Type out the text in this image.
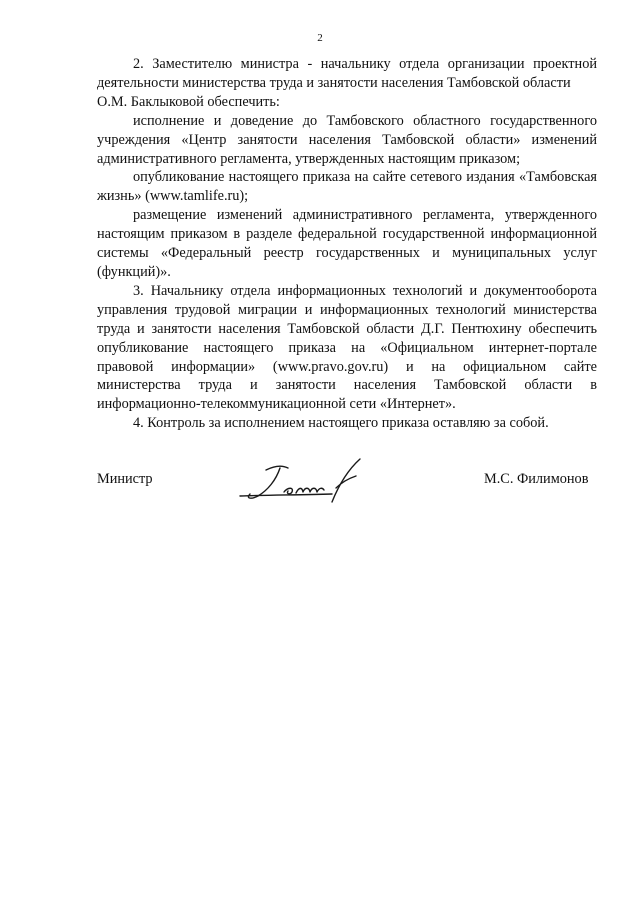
2

2. Заместителю министра - начальнику отдела организации проектной деятельности министерства труда и занятости населения Тамбовской области

О.М. Баклыковой обеспечить:

исполнение и доведение до Тамбовского областного государственного учреждения «Центр занятости населения Тамбовской области» изменений административного регламента, утвержденных настоящим приказом;

опубликование настоящего приказа на сайте сетевого издания «Тамбовская жизнь» (www.tamlife.ru);

размещение изменений административного регламента, утвержденного настоящим приказом в разделе федеральной государственной информационной системы «Федеральный реестр государственных и муниципальных услуг (функций)».

3. Начальнику отдела информационных технологий и документооборота управления трудовой миграции и информационных технологий министерства труда и занятости населения Тамбовской области Д.Г. Пентюхину обеспечить опубликование настоящего приказа на «Официальном интернет-портале правовой информации» (www.pravo.gov.ru) и на официальном сайте министерства труда и занятости населения Тамбовской области в информационно-телекоммуникационной сети «Интернет».

4. Контроль за исполнением настоящего приказа оставляю за собой.

Министр	М.С. Филимонов
